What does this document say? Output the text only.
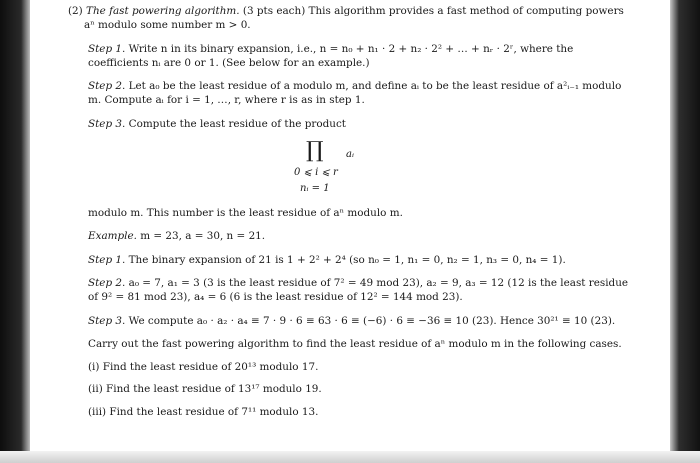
(2) The fast powering algorithm. (3 pts each) This algorithm provides a fast method of computing powers aⁿ modulo some number m > 0.

Step 1. Write n in its binary expansion, i.e., n = n₀ + n₁ · 2 + n₂ · 2² + … + nᵣ · 2ʳ, where the coefficients nᵢ are 0 or 1. (See below for an example.)

Step 2. Let a₀ be the least residue of a modulo m, and define aᵢ to be the least residue of a²ᵢ₋₁ modulo m. Compute aᵢ for i = 1, …, r, where r is as in step 1.

Step 3. Compute the least residue of the product

∏ aᵢ
0 ⩽ i ⩽ r
nᵢ = 1

modulo m. This number is the least residue of aⁿ modulo m.

Example. m = 23, a = 30, n = 21.

Step 1. The binary expansion of 21 is 1 + 2² + 2⁴ (so n₀ = 1, n₁ = 0, n₂ = 1, n₃ = 0, n₄ = 1).

Step 2. a₀ = 7, a₁ = 3 (3 is the least residue of 7² = 49 mod 23), a₂ = 9, a₃ = 12 (12 is the least residue of 9² = 81 mod 23), a₄ = 6 (6 is the least residue of 12² = 144 mod 23).

Step 3. We compute a₀ · a₂ · a₄ ≡ 7 · 9 · 6 ≡ 63 · 6 ≡ (−6) · 6 ≡ −36 ≡ 10 (23). Hence 30²¹ ≡ 10 (23).

Carry out the fast powering algorithm to find the least residue of aⁿ modulo m in the following cases.

(i) Find the least residue of 20¹³ modulo 17.

(ii) Find the least residue of 13¹⁷ modulo 19.

(iii) Find the least residue of 7¹¹ modulo 13.
